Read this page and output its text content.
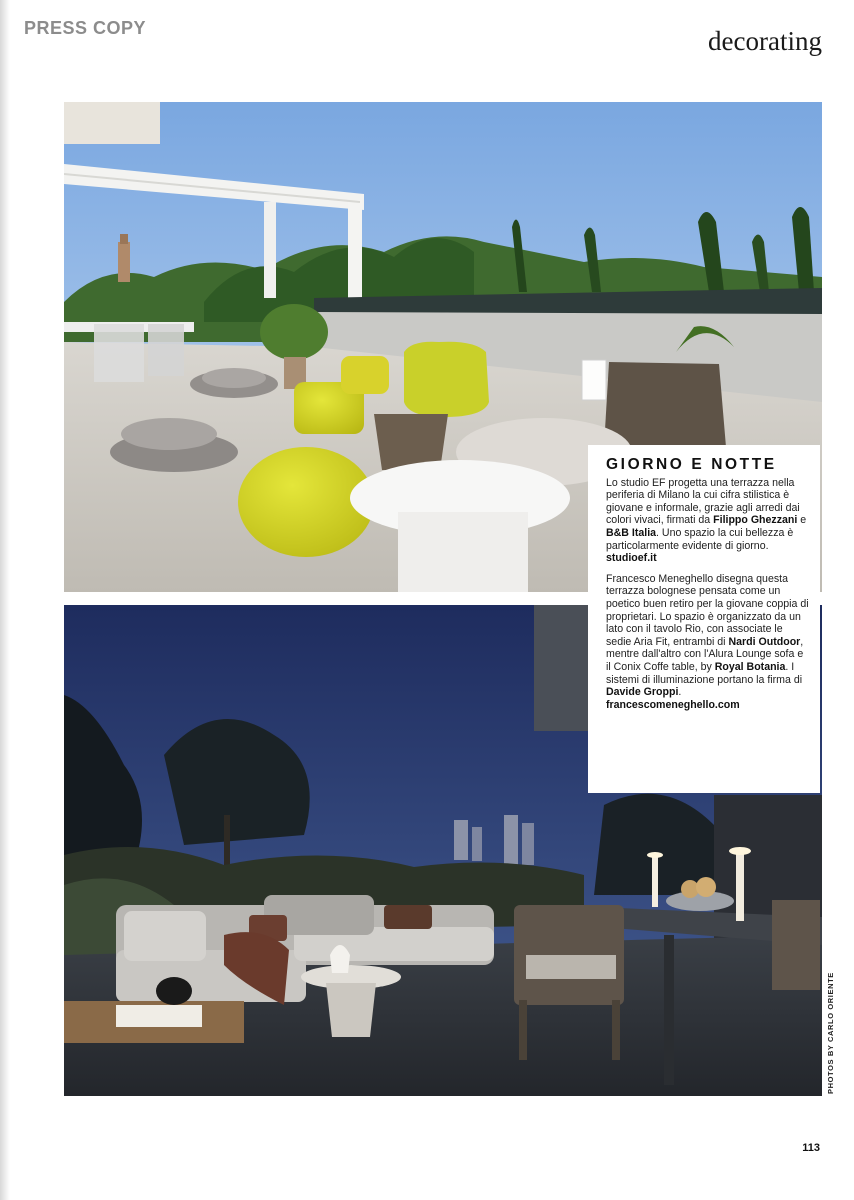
PRESS COPY	decorating
GIORNO E NOTTE

Lo studio EF progetta una terrazza nella periferia di Milano la cui cifra stilistica è giovane e informale, grazie agli arredi dai colori vivaci, firmati da Filippo Ghezzani e B&B Italia. Uno spazio la cui bellezza è particolarmente evidente di giorno.
studioef.it

Francesco Meneghello disegna questa terrazza bolognese pensata come un poetico buen retiro per la giovane coppia di proprietari. Lo spazio è organizzato da un lato con il tavolo Rio, con associate le sedie Aria Fit, entrambi di Nardi Outdoor, mentre dall'altro con l'Alura Lounge sofa e il Conix Coffe table, by Royal Botania. I sistemi di illuminazione portano la firma di Davide Groppi.
francescomeneghello.com

PHOTOS BY CARLO ORIENTE
113
